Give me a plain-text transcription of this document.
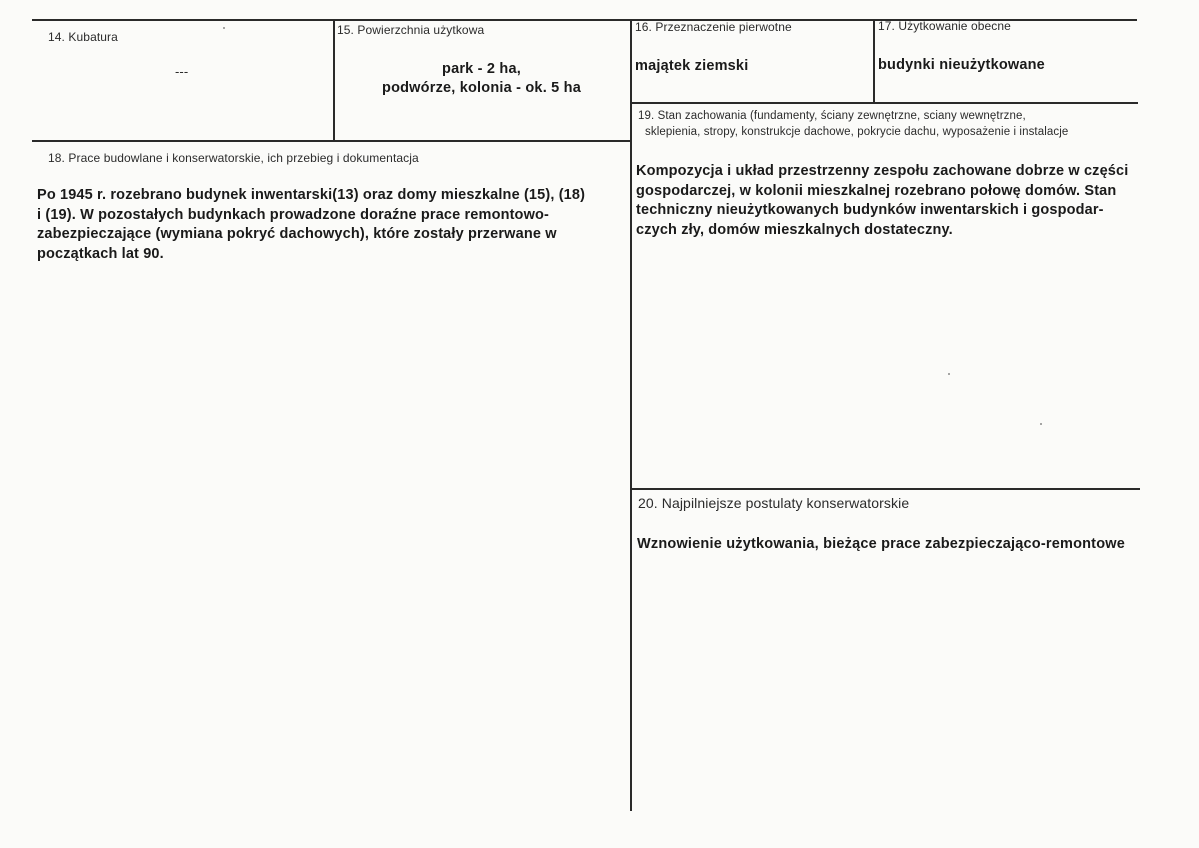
14. Kubatura
---
15. Powierzchnia użytkowa
park - 2 ha,
podwórze, kolonia - ok. 5 ha
16. Przeznaczenie pierwotne
majątek ziemski
17. Użytkowanie obecne
budynki nieużytkowane
18. Prace budowlane i konserwatorskie, ich przebieg i dokumentacja
Po 1945 r. rozebrano budynek inwentarski(13) oraz domy mieszkalne (15), (18)
i (19). W pozostałych budynkach prowadzone doraźne prace remontowo-
zabezpieczające (wymiana pokryć dachowych), które zostały przerwane w
początkach lat 90.
19. Stan zachowania (fundamenty, ściany zewnętrzne, sciany wewnętrzne,
sklepienia, stropy, konstrukcje dachowe, pokrycie dachu, wyposażenie i instalacje
Kompozycja i układ przestrzenny zespołu zachowane dobrze w części
gospodarczej, w kolonii mieszkalnej rozebrano połowę domów. Stan
techniczny nieużytkowanych budynków inwentarskich i gospodar-
czych zły, domów mieszkalnych dostateczny.
20. Najpilniejsze postulaty konserwatorskie
Wznowienie użytkowania, bieżące prace zabezpieczająco-remontowe
